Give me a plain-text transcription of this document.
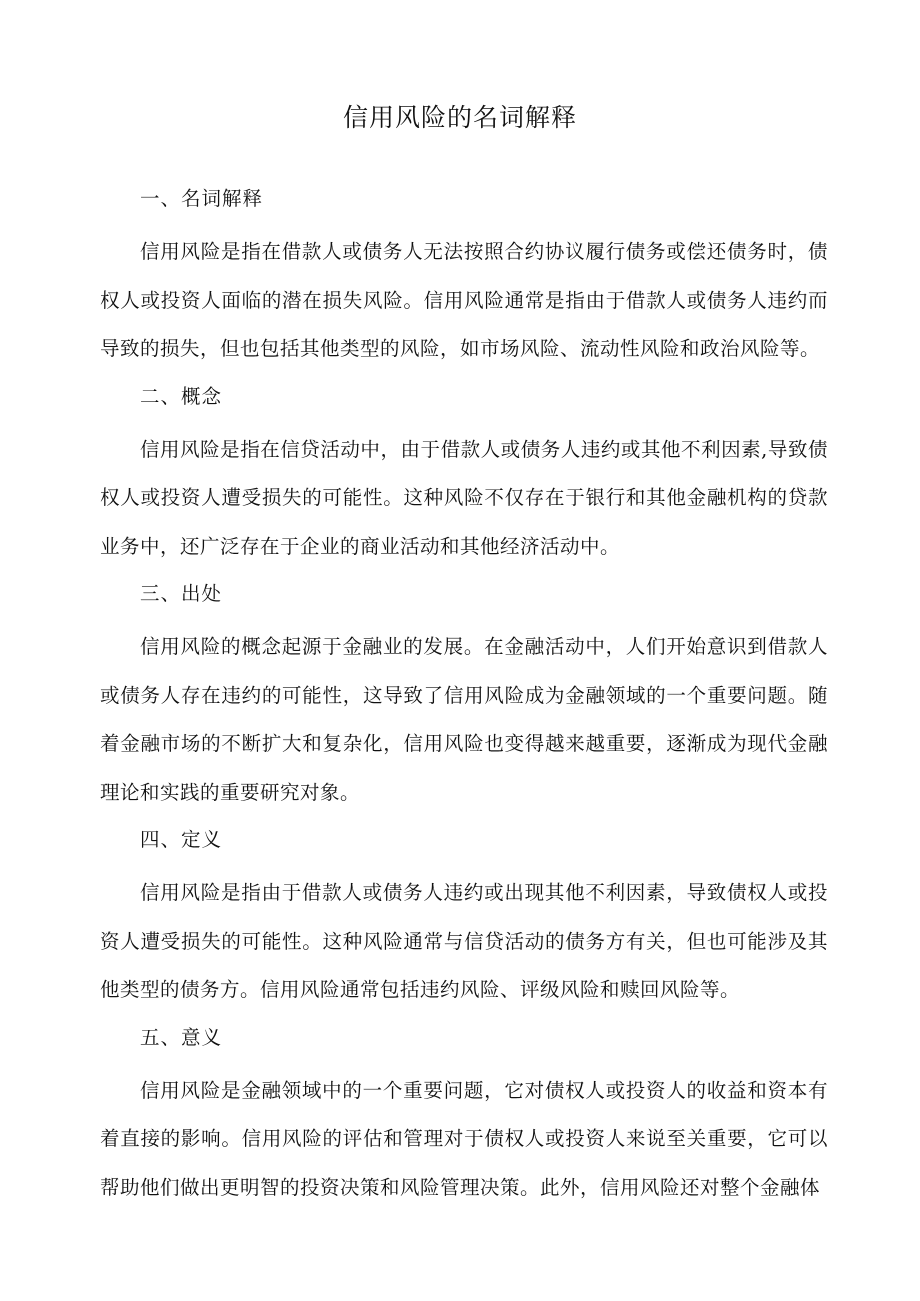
信用风险的名词解释
一、名词解释

信用风险是指在借款人或债务人无法按照合约协议履行债务或偿还债务时，债权人或投资人面临的潜在损失风险。信用风险通常是指由于借款人或债务人违约而导致的损失，但也包括其他类型的风险，如市场风险、流动性风险和政治风险等。

二、概念

信用风险是指在信贷活动中，由于借款人或债务人违约或其他不利因素,导致债权人或投资人遭受损失的可能性。这种风险不仅存在于银行和其他金融机构的贷款业务中，还广泛存在于企业的商业活动和其他经济活动中。

三、出处

信用风险的概念起源于金融业的发展。在金融活动中，人们开始意识到借款人或债务人存在违约的可能性，这导致了信用风险成为金融领域的一个重要问题。随着金融市场的不断扩大和复杂化，信用风险也变得越来越重要，逐渐成为现代金融理论和实践的重要研究对象。

四、定义

信用风险是指由于借款人或债务人违约或出现其他不利因素，导致债权人或投资人遭受损失的可能性。这种风险通常与信贷活动的债务方有关，但也可能涉及其他类型的债务方。信用风险通常包括违约风险、评级风险和赎回风险等。

五、意义

信用风险是金融领域中的一个重要问题，它对债权人或投资人的收益和资本有着直接的影响。信用风险的评估和管理对于债权人或投资人来说至关重要，它可以帮助他们做出更明智的投资决策和风险管理决策。此外，信用风险还对整个金融体
